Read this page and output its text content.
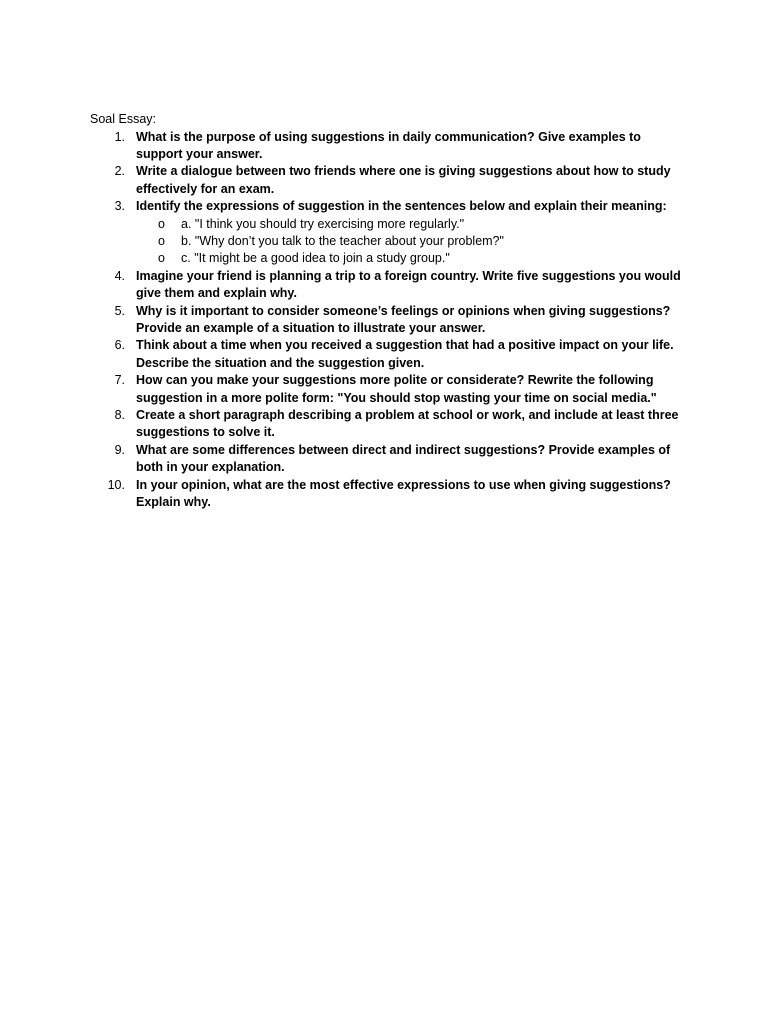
Soal Essay:

1. What is the purpose of using suggestions in daily communication? Give examples to support your answer.
2. Write a dialogue between two friends where one is giving suggestions about how to study effectively for an exam.
3. Identify the expressions of suggestion in the sentences below and explain their meaning:
o a. "I think you should try exercising more regularly."
o b. "Why don’t you talk to the teacher about your problem?"
o c. "It might be a good idea to join a study group."
4. Imagine your friend is planning a trip to a foreign country. Write five suggestions you would give them and explain why.
5. Why is it important to consider someone’s feelings or opinions when giving suggestions? Provide an example of a situation to illustrate your answer.
6. Think about a time when you received a suggestion that had a positive impact on your life. Describe the situation and the suggestion given.
7. How can you make your suggestions more polite or considerate? Rewrite the following suggestion in a more polite form: "You should stop wasting your time on social media."
8. Create a short paragraph describing a problem at school or work, and include at least three suggestions to solve it.
9. What are some differences between direct and indirect suggestions? Provide examples of both in your explanation.
10. In your opinion, what are the most effective expressions to use when giving suggestions? Explain why.
